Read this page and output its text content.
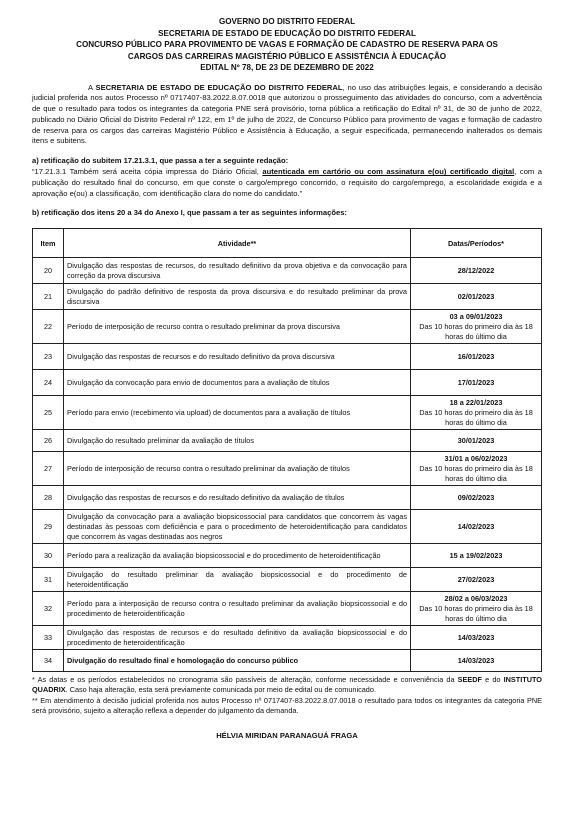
GOVERNO DO DISTRITO FEDERAL
SECRETARIA DE ESTADO DE EDUCAÇÃO DO DISTRITO FEDERAL
CONCURSO PÚBLICO PARA PROVIMENTO DE VAGAS E FORMAÇÃO DE CADASTRO DE RESERVA PARA OS
CARGOS DAS CARREIRAS MAGISTÉRIO PÚBLICO E ASSISTÊNCIA À EDUCAÇÃO
EDITAL Nº 78, DE 23 DE DEZEMBRO DE 2022

A SECRETARIA DE ESTADO DE EDUCAÇÃO DO DISTRITO FEDERAL, no uso das atribuições legais, e considerando a decisão judicial proferida nos autos Processo nº 0717407-83.2022.8.07.0018 que autorizou o prosseguimento das atividades do concurso, com a advertência de que o resultado para todos os integrantes da categoria PNE será provisório, torna pública a retificação do Edital nº 31, de 30 de junho de 2022, publicado no Diário Oficial do Distrito Federal nº 122, em 1º de julho de 2022, de Concurso Público para provimento de vagas e formação de cadastro de reserva para os cargos das carreiras Magistério Público e Assistência à Educação, a seguir especificada, permanecendo inalterados os demais itens e subitens.

a) retificação do subitem 17.21.3.1, que passa a ter a seguinte redação:

“17.21.3.1 Também será aceita cópia impressa do Diário Oficial, autenticada em cartório ou com assinatura e(ou) certificado digital, com a publicação do resultado final do concurso, em que conste o cargo/emprego concorrido, o requisito do cargo/emprego, a escolaridade exigida e a aprovação e(ou) a classificação, com identificação clara do nome do candidato.”

b) retificação dos itens 20 a 34 do Anexo I, que passam a ter as seguintes informações:
Item	Atividade**	Datas/Períodos*
20	Divulgação das respostas de recursos, do resultado definitivo da prova objetiva e da convocação para correção da prova discursiva	28/12/2022

21	Divulgação do padrão definitivo de resposta da prova discursiva e do resultado preliminar da prova discursiva	02/01/2023

22	Período de interposição de recurso contra o resultado preliminar da prova discursiva	03 a 09/01/2023
Das 10 horas do primeiro dia às 18 horas do último dia

23	Divulgação das respostas de recursos e do resultado definitivo da prova discursiva	16/01/2023

24	Divulgação da convocação para envio de documentos para a avaliação de títulos	17/01/2023

25	Período para envio (recebimento via upload) de documentos para a avaliação de títulos	18 a 22/01/2023
Das 10 horas do primeiro dia às 18 horas do último dia

26	Divulgação do resultado preliminar da avaliação de títulos	30/01/2023

27	Período de interposição de recurso contra o resultado preliminar da avaliação de títulos	31/01 a 06/02/2023
Das 10 horas do primeiro dia às 18 horas do último dia

28	Divulgação das respostas de recursos e do resultado definitivo da avaliação de títulos	09/02/2023

29	Divulgação da convocação para a avaliação biopsicossocial para candidatos que concorrem às vagas destinadas às pessoas com deficiência e para o procedimento de heteroidentificação para candidatos que concorrem às vagas destinadas aos negros	14/02/2023

30	Período para a realização da avaliação biopsicossocial e do procedimento de heteroidentificação	15 a 19/02/2023

31	Divulgação do resultado preliminar da avaliação biopsicossocial e do procedimento de heteroidentificação	27/02/2023

32	Período para a interposição de recurso contra o resultado preliminar da avaliação biopsicossocial e do procedimento de heteroidentificação	28/02 a 06/03/2023
Das 10 horas do primeiro dia às 18 horas do último dia

33	Divulgação das respostas de recursos e do resultado definitivo da avaliação biopsicossocial e do procedimento de heteroidentificação	14/03/2023

34	Divulgação do resultado final e homologação do concurso público	14/03/2023
* As datas e os períodos estabelecidos no cronograma são passíveis de alteração, conforme necessidade e conveniência da SEEDF e do INSTITUTO QUADRIX. Caso haja alteração, esta será previamente comunicada por meio de edital ou de comunicado.
** Em atendimento à decisão judicial proferida nos autos Processo nº 0717407-83.2022.8.07.0018 o resultado para todos os integrantes da categoria PNE será provisório, sujeito a alteração reflexa a depender do julgamento da demanda.
HÉLVIA MIRIDAN PARANAGUÁ FRAGA
